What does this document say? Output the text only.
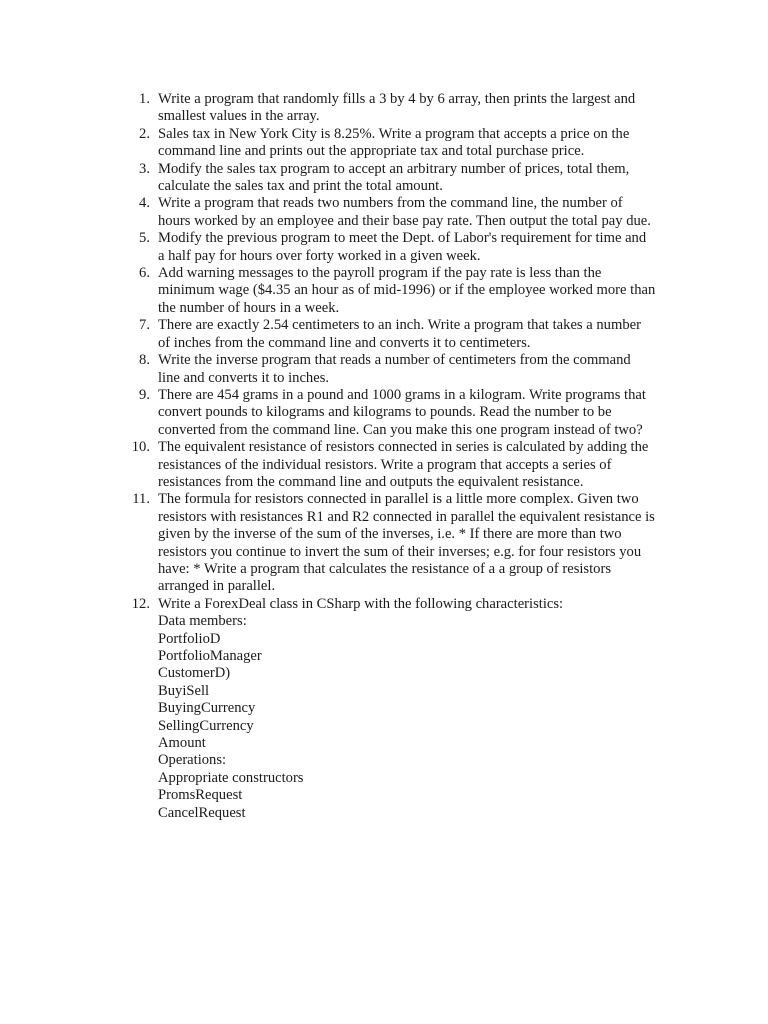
1. Write a program that randomly fills a 3 by 4 by 6 array, then prints the largest and smallest values in the array.
2. Sales tax in New York City is 8.25%. Write a program that accepts a price on the command line and prints out the appropriate tax and total purchase price.
3. Modify the sales tax program to accept an arbitrary number of prices, total them, calculate the sales tax and print the total amount.
4. Write a program that reads two numbers from the command line, the number of hours worked by an employee and their base pay rate. Then output the total pay due.
5. Modify the previous program to meet the Dept. of Labor's requirement for time and a half pay for hours over forty worked in a given week.
6. Add warning messages to the payroll program if the pay rate is less than the minimum wage ($4.35 an hour as of mid-1996) or if the employee worked more than the number of hours in a week.
7. There are exactly 2.54 centimeters to an inch. Write a program that takes a number of inches from the command line and converts it to centimeters.
8. Write the inverse program that reads a number of centimeters from the command line and converts it to inches.
9. There are 454 grams in a pound and 1000 grams in a kilogram. Write programs that convert pounds to kilograms and kilograms to pounds. Read the number to be converted from the command line. Can you make this one program instead of two?
10. The equivalent resistance of resistors connected in series is calculated by adding the resistances of the individual resistors. Write a program that accepts a series of resistances from the command line and outputs the equivalent resistance.
11. The formula for resistors connected in parallel is a little more complex. Given two resistors with resistances R1 and R2 connected in parallel the equivalent resistance is given by the inverse of the sum of the inverses, i.e. * If there are more than two resistors you continue to invert the sum of their inverses; e.g. for four resistors you have: * Write a program that calculates the resistance of a a group of resistors arranged in parallel.
12. Write a ForexDeal class in CSharp with the following characteristics:
Data members:
PortfolioD
PortfolioManager
CustomerD)
BuyiSell
BuyingCurrency
SellingCurrency
Amount
Operations:
Appropriate constructors
PromsRequest
CancelRequest
